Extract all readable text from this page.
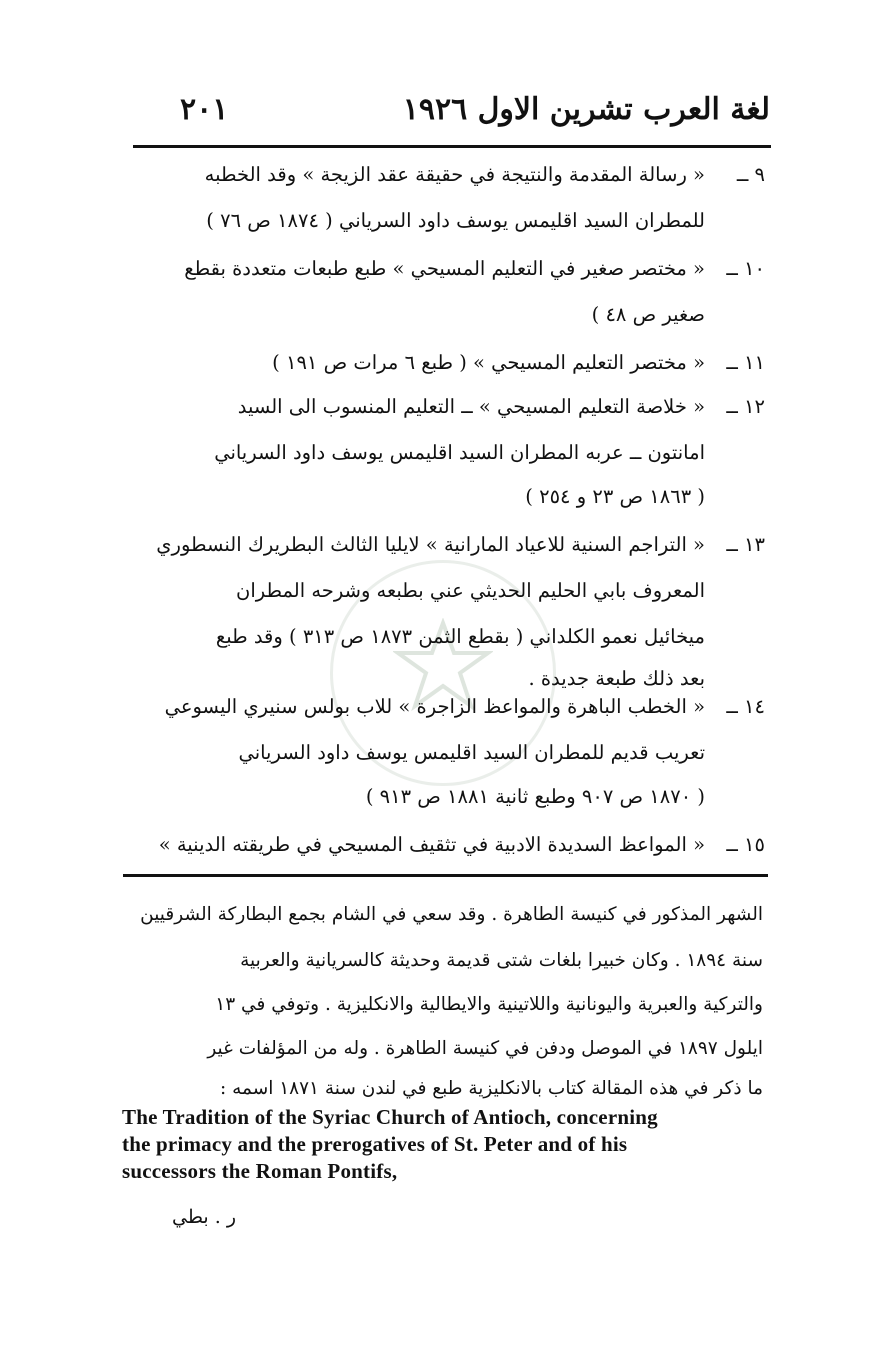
لغة العرب تشرين الاول ١٩٢٦
٢٠١
٩ ــ
« رسالة المقدمة والنتيجة في حقيقة عقد الزيجة » وقد الخطبه
للمطران السيد اقليمس يوسف داود السرياني ( ١٨٧٤ ص ٧٦ )
١٠ ــ
« مختصر صغير في التعليم المسيحي » طبع طبعات متعددة بقطع
صغير ص ٤٨ )
١١ ــ
« مختصر التعليم المسيحي » ( طبع ٦ مرات ص ١٩١ )
١٢ ــ
« خلاصة التعليم المسيحي » ــ التعليم المنسوب الى السيد
امانتون ــ عربه المطران السيد اقليمس يوسف داود السرياني
( ١٨٦٣ ص ٢٣ و ٢٥٤ )
١٣ ــ
« التراجم السنية للاعياد المارانية » لايليا الثالث البطريرك النسطوري
المعروف بابي الحليم الحديثي عني بطبعه وشرحه المطران
ميخائيل نعمو الكلداني ( بقطع الثمن ١٨٧٣ ص ٣١٣ ) وقد طبع
بعد ذلك طبعة جديدة .
١٤ ــ
« الخطب الباهرة والمواعظ الزاجرة » للاب بولس سنيري اليسوعي
تعريب قديم للمطران السيد اقليمس يوسف داود السرياني
( ١٨٧٠ ص ٩٠٧ وطبع ثانية ١٨٨١ ص ٩١٣ )
١٥ ــ
« المواعظ السديدة الادبية في تثقيف المسيحي في طريقته الدينية »
الشهر المذكور في كنيسة الطاهرة . وقد سعي في الشام بجمع البطاركة الشرقيين
سنة ١٨٩٤ . وكان خبيرا بلغات شتى قديمة وحديثة كالسريانية والعربية
والتركية والعبرية واليونانية واللاتينية والايطالية والانكليزية . وتوفي في ١٣
ايلول ١٨٩٧ في الموصل ودفن في كنيسة الطاهرة . وله من المؤلفات غير
ما ذكر في هذه المقالة كتاب بالانكليزية طبع في لندن سنة ١٨٧١ اسمه :
The Tradition of the Syriac Church of Antioch, concerning
the primacy and the prerogatives of St. Peter and of his
successors the Roman Pontifs,
ر . بطي
